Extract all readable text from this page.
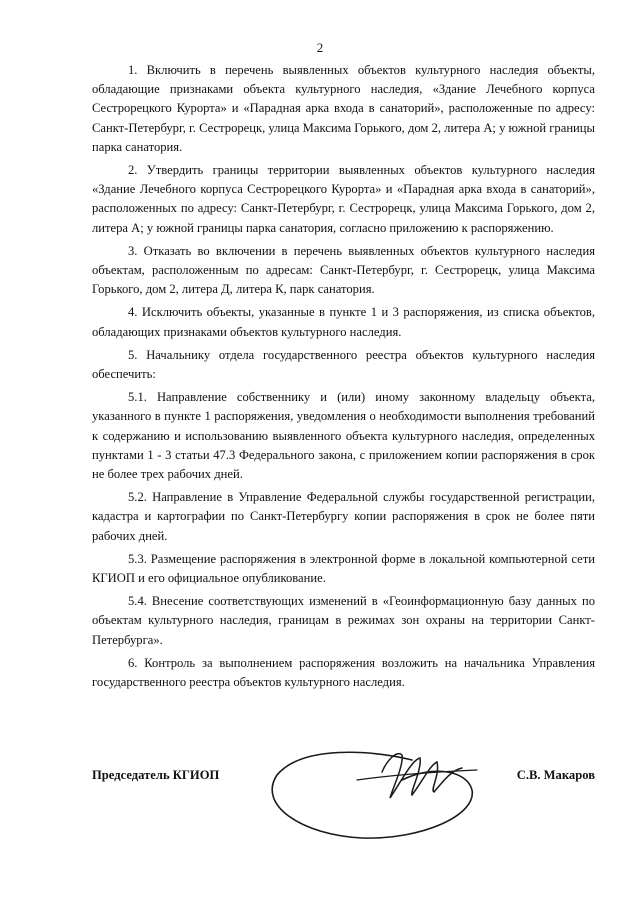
2

1. Включить в перечень выявленных объектов культурного наследия объекты, обладающие признаками объекта культурного наследия, «Здание Лечебного корпуса Сестрорецкого Курорта» и «Парадная арка входа в санаторий», расположенные по адресу: Санкт-Петербург, г. Сестрорецк, улица Максима Горького, дом 2, литера А; у южной границы парка санатория.

2. Утвердить границы территории выявленных объектов культурного наследия «Здание Лечебного корпуса Сестрорецкого Курорта» и «Парадная арка входа в санаторий», расположенных по адресу: Санкт-Петербург, г. Сестрорецк, улица Максима Горького, дом 2, литера А; у южной границы парка санатория, согласно приложению к распоряжению.

3. Отказать во включении в перечень выявленных объектов культурного наследия объектам, расположенным по адресам: Санкт-Петербург, г. Сестрорецк, улица Максима Горького, дом 2, литера Д, литера К, парк санатория.

4. Исключить объекты, указанные в пункте 1 и 3 распоряжения, из списка объектов, обладающих признаками объектов культурного наследия.

5. Начальнику отдела государственного реестра объектов культурного наследия обеспечить:

5.1. Направление собственнику и (или) иному законному владельцу объекта, указанного в пункте 1 распоряжения, уведомления о необходимости выполнения требований к содержанию и использованию выявленного объекта культурного наследия, определенных пунктами 1 - 3 статьи 47.3 Федерального закона, с приложением копии распоряжения в срок не более трех рабочих дней.

5.2. Направление в Управление Федеральной службы государственной регистрации, кадастра и картографии по Санкт-Петербургу копии распоряжения в срок не более пяти рабочих дней.

5.3. Размещение распоряжения в электронной форме в локальной компьютерной сети КГИОП и его официальное опубликование.

5.4. Внесение соответствующих изменений в «Геоинформационную базу данных по объектам культурного наследия, границам в режимах зон охраны на территории Санкт-Петербурга».

6. Контроль за выполнением распоряжения возложить на начальника Управления государственного реестра объектов культурного наследия.

Председатель КГИОП	С.В. Макаров
